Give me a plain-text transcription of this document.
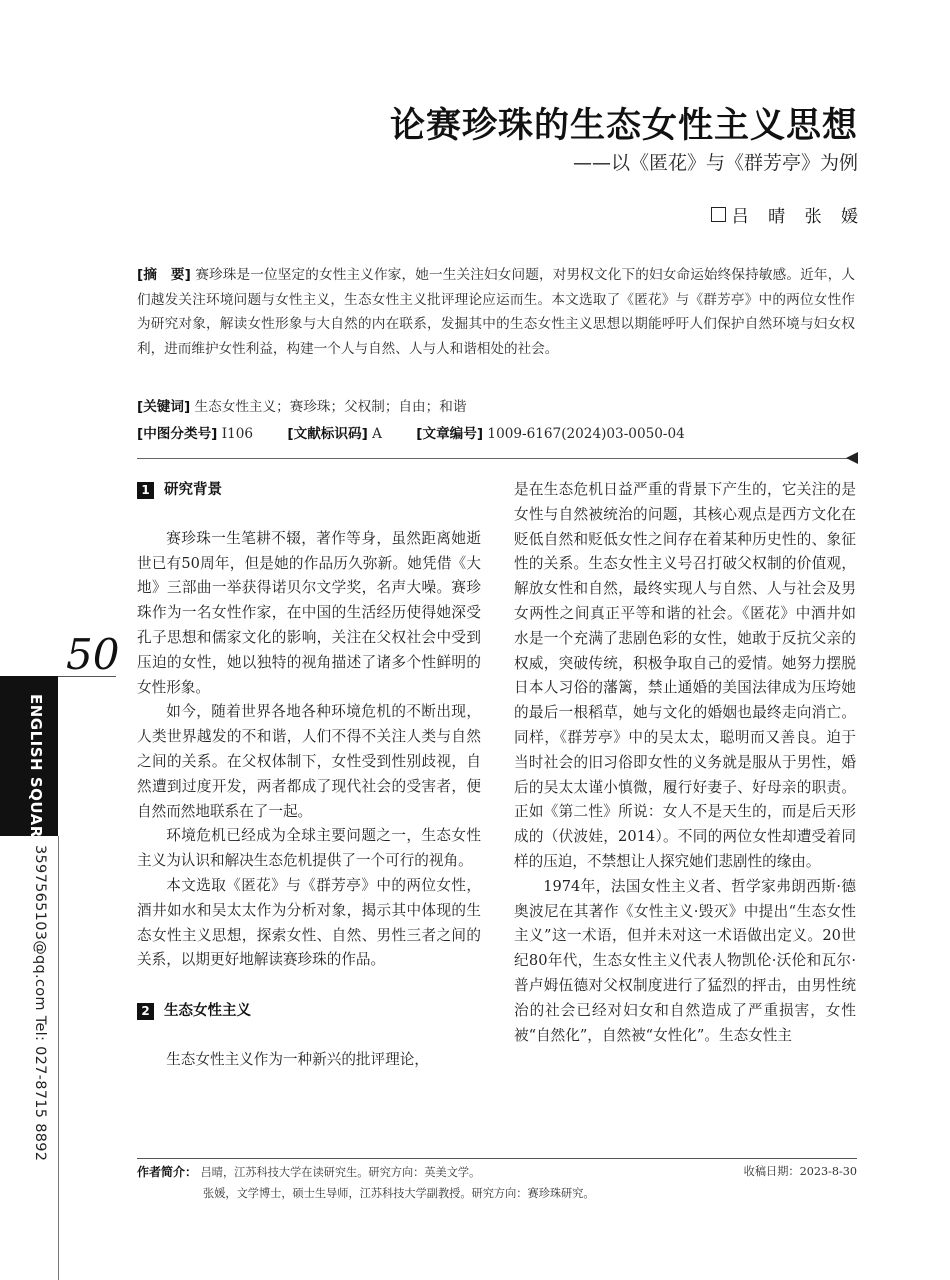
论赛珍珠的生态女性主义思想
——以《匿花》与《群芳亭》为例
吕 晴 张 媛
[摘　要] 赛珍珠是一位坚定的女性主义作家，她一生关注妇女问题，对男权文化下的妇女命运始终保持敏感。近年，人们越发关注环境问题与女性主义，生态女性主义批评理论应运而生。本文选取了《匿花》与《群芳亭》中的两位女性作为研究对象，解读女性形象与大自然的内在联系，发掘其中的生态女性主义思想以期能呼吁人们保护自然环境与妇女权利，进而维护女性利益，构建一个人与自然、人与人和谐相处的社会。
[关键词] 生态女性主义；赛珍珠；父权制；自由；和谐
[中图分类号] I106	[文献标识码] A	[文章编号] 1009-6167(2024)03-0050-04
50
ENGLISH SQUARE
3597565103@qq.com Tel: 027-8715 8892
1 研究背景

赛珍珠一生笔耕不辍，著作等身，虽然距离她逝世已有50周年，但是她的作品历久弥新。她凭借《大地》三部曲一举获得诺贝尔文学奖，名声大噪。赛珍珠作为一名女性作家，在中国的生活经历使得她深受孔子思想和儒家文化的影响，关注在父权社会中受到压迫的女性，她以独特的视角描述了诸多个性鲜明的女性形象。

如今，随着世界各地各种环境危机的不断出现，人类世界越发的不和谐，人们不得不关注人类与自然之间的关系。在父权体制下，女性受到性别歧视，自然遭到过度开发，两者都成了现代社会的受害者，便自然而然地联系在了一起。

环境危机已经成为全球主要问题之一，生态女性主义为认识和解决生态危机提供了一个可行的视角。

本文选取《匿花》与《群芳亭》中的两位女性，酒井如水和吴太太作为分析对象，揭示其中体现的生态女性主义思想，探索女性、自然、男性三者之间的关系，以期更好地解读赛珍珠的作品。

2 生态女性主义

生态女性主义作为一种新兴的批评理论，

是在生态危机日益严重的背景下产生的，它关注的是女性与自然被统治的问题，其核心观点是西方文化在贬低自然和贬低女性之间存在着某种历史性的、象征性的关系。生态女性主义号召打破父权制的价值观，解放女性和自然，最终实现人与自然、人与社会及男女两性之间真正平等和谐的社会。《匿花》中酒井如水是一个充满了悲剧色彩的女性，她敢于反抗父亲的权威，突破传统，积极争取自己的爱情。她努力摆脱日本人习俗的藩篱，禁止通婚的美国法律成为压垮她的最后一根稻草，她与文化的婚姻也最终走向消亡。同样，《群芳亭》中的吴太太，聪明而又善良。迫于当时社会的旧习俗即女性的义务就是服从于男性，婚后的吴太太谨小慎微，履行好妻子、好母亲的职责。正如《第二性》所说：女人不是天生的，而是后天形成的（伏波娃，2014）。不同的两位女性却遭受着同样的压迫，不禁想让人探究她们悲剧性的缘由。

1974年，法国女性主义者、哲学家弗朗西斯·德奥波尼在其著作《女性主义·毁灭》中提出“生态女性主义”这一术语，但并未对这一术语做出定义。20世纪80年代，生态女性主义代表人物凯伦·沃伦和瓦尔·普卢姆伍德对父权制度进行了猛烈的抨击，由男性统治的社会已经对妇女和自然造成了严重损害，女性被“自然化”，自然被“女性化”。生态女性主

作者简介： 吕晴，江苏科技大学在读研究生。研究方向：英美文学。	收稿日期：2023-8-30
张媛，文学博士，硕士生导师，江苏科技大学副教授。研究方向：赛珍珠研究。
